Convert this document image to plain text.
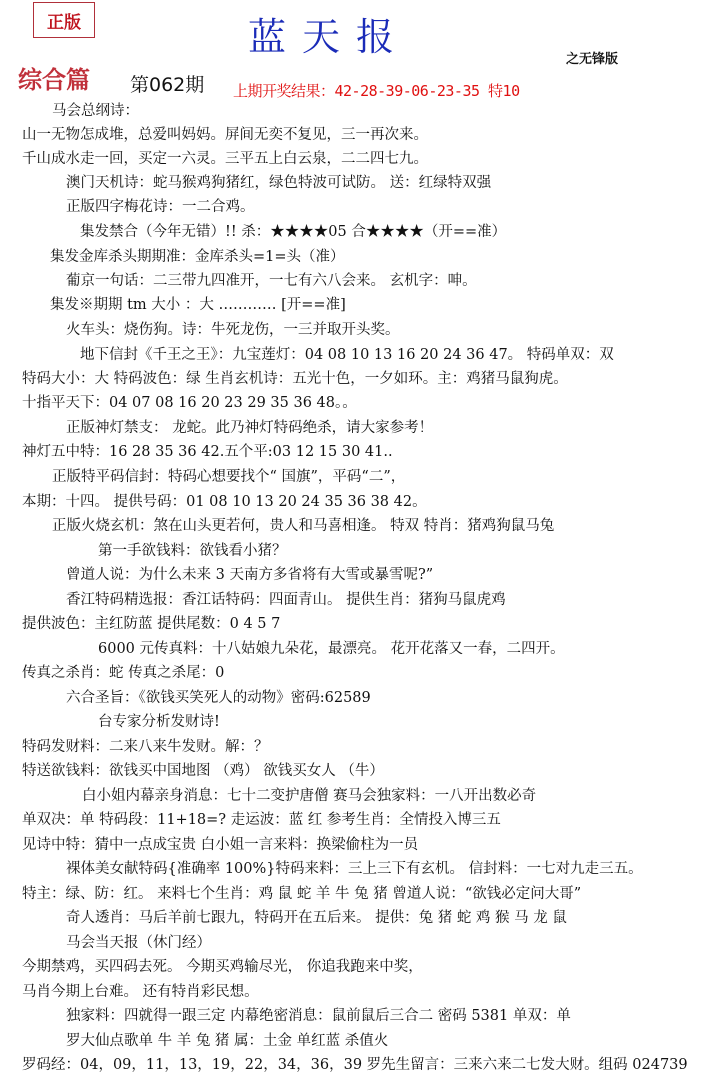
正版	蓝天报
之无锋版
综合篇 第062期 上期开奖结果：42-28-39-06-23-35 特10
马会总纲诗：
山一无物怎成堆，总爱叫妈妈。屏间无奕不复见，三一再次来。
千山成水走一回，买定一六灵。三平五上白云泉，二二四七九。
澳门天机诗：蛇马猴鸡狗猪红，绿色特波可试防。 送：红绿特双强
正版四字梅花诗：一二合鸡。
集发禁合（今年无错）!! 杀：★★★★05 合★★★★（开==准）
集发金库杀头期期准：金库杀头=1=头（准）
葡京一句话：二三带九四准开，一七有六八会来。 玄机字：呻。
集发※期期 tm 大小 ：大 ………… [开==准]
火车头：烧伤狗。诗：牛死龙伤，一三并取开头奖。
地下信封《千王之王》：九宝莲灯：04 08 10 13 16 20 24 36 47。 特码单双：双
特码大小：大 特码波色：绿 生肖玄机诗：五光十色，一夕如环。主：鸡猪马鼠狗虎。
十指平天下：04 07 08 16 20 23 29 35 36 48。。
正版神灯禁支： 龙蛇。此乃神灯特码绝杀，请大家参考！
神灯五中特：16 28 35 36 42.五个平:03 12 15 30 41..
正版特平码信封：特码心想要找个“ 国旗”，平码“二”，
本期：十四。 提供号码：01 08 10 13 20 24 35 36 38 42。
正版火烧玄机：煞在山头更若何，贵人和马喜相逢。 特双 特肖：猪鸡狗鼠马兔
第一手欲钱料：欲钱看小猪？
曾道人说：为什么未来 3 天南方多省将有大雪或暴雪呢?”
香江特码精选报：香江话特码：四面青山。 提供生肖：猪狗马鼠虎鸡
提供波色：主红防蓝 提供尾数：0 4 5 7
6000 元传真料：十八姑娘九朵花，最漂亮。 花开花落又一春，二四开。
传真之杀肖：蛇 传真之杀尾：0
六合圣旨：《欲钱买笑死人的动物》密码:62589
台专家分析发财诗!
特码发财料：二来八来牛发财。解：？
特送欲钱料：欲钱买中国地图 （鸡） 欲钱买女人 （牛）
白小姐内幕亲身消息：七十二变护唐僧 赛马会独家料：一八开出数必奇
单双决：单 特码段：11+18=? 走运波：蓝 红 参考生肖：全情投入博三五
见诗中特：猜中一点成宝贵 白小姐一言来料：换梁偷柱为一员
裸体美女献特码{准确率 100%}特码来料：三上三下有玄机。 信封料：一七对九走三五。
特主：绿、防：红。 来料七个生肖：鸡 鼠 蛇 羊 牛 兔 猪 曾道人说：“欲钱必定问大哥”
奇人透肖：马后羊前七跟九，特码开在五后来。 提供：兔 猪 蛇 鸡 猴 马 龙 鼠
马会当天报（休门经）
今期禁鸡，买四码去死。 今期买鸡输尽光， 你追我跑来中奖，
马肖今期上台难。 还有特肖彩民想。
独家料：四就得一跟三定 内幕绝密消息：鼠前鼠后三合二 密码 5381 单双：单
罗大仙点歌单 牛 羊 兔 猪 属：土金 单红蓝 杀值火
罗码经：04，09，11，13，19，22，34，36，39 罗先生留言：三来六来二七发大财。组码 024739
